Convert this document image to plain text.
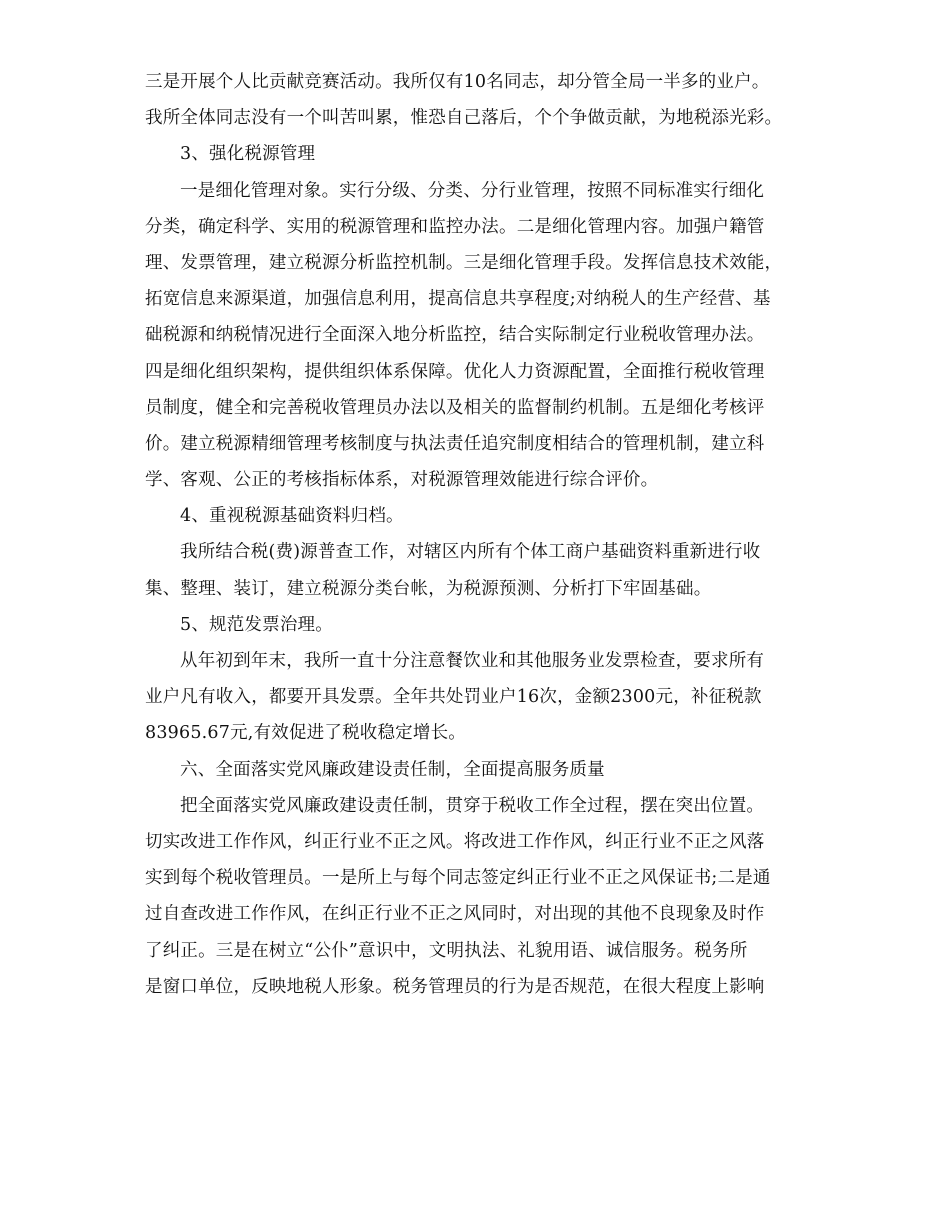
三是开展个人比贡献竞赛活动。我所仅有10名同志，却分管全局一半多的业户。
我所全体同志没有一个叫苦叫累，惟恐自己落后，个个争做贡献，为地税添光彩。
3、强化税源管理
一是细化管理对象。实行分级、分类、分行业管理，按照不同标准实行细化
分类，确定科学、实用的税源管理和监控办法。二是细化管理内容。加强户籍管
理、发票管理，建立税源分析监控机制。三是细化管理手段。发挥信息技术效能，
拓宽信息来源渠道，加强信息利用，提高信息共享程度;对纳税人的生产经营、基
础税源和纳税情况进行全面深入地分析监控，结合实际制定行业税收管理办法。
四是细化组织架构，提供组织体系保障。优化人力资源配置，全面推行税收管理
员制度，健全和完善税收管理员办法以及相关的监督制约机制。五是细化考核评
价。建立税源精细管理考核制度与执法责任追究制度相结合的管理机制，建立科
学、客观、公正的考核指标体系，对税源管理效能进行综合评价。
4、重视税源基础资料归档。
我所结合税(费)源普查工作，对辖区内所有个体工商户基础资料重新进行收
集、整理、装订，建立税源分类台帐，为税源预测、分析打下牢固基础。
5、规范发票治理。
从年初到年末，我所一直十分注意餐饮业和其他服务业发票检查，要求所有
业户凡有收入，都要开具发票。全年共处罚业户16次，金额2300元，补征税款
83965.67元,有效促进了税收稳定增长。
六、全面落实党风廉政建设责任制，全面提高服务质量
把全面落实党风廉政建设责任制，贯穿于税收工作全过程，摆在突出位置。
切实改进工作作风，纠正行业不正之风。将改进工作作风，纠正行业不正之风落
实到每个税收管理员。一是所上与每个同志签定纠正行业不正之风保证书;二是通
过自查改进工作作风，在纠正行业不正之风同时，对出现的其他不良现象及时作
了纠正。三是在树立“公仆”意识中，文明执法、礼貌用语、诚信服务。税务所
是窗口单位，反映地税人形象。税务管理员的行为是否规范，在很大程度上影响
